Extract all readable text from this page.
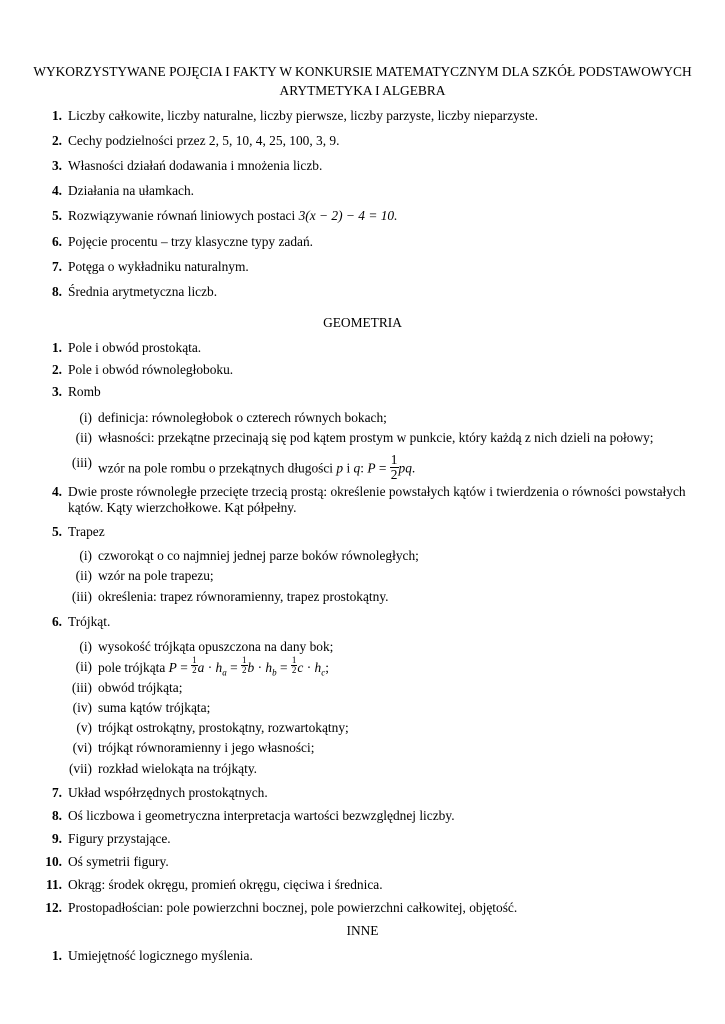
WYKORZYSTYWANE POJĘCIA I FAKTY W KONKURSIE MATEMATYCZNYM DLA SZKÓŁ PODSTAWOWYCH
ARYTMETYKA I ALGEBRA
1. Liczby całkowite, liczby naturalne, liczby pierwsze, liczby parzyste, liczby nieparzyste.
2. Cechy podzielności przez 2, 5, 10, 4, 25, 100, 3, 9.
3. Własności działań dodawania i mnożenia liczb.
4. Działania na ułamkach.
5. Rozwiązywanie równań liniowych postaci 3(x − 2) − 4 = 10.
6. Pojęcie procentu – trzy klasyczne typy zadań.
7. Potęga o wykładniku naturalnym.
8. Średnia arytmetyczna liczb.
GEOMETRIA
1. Pole i obwód prostokąta.
2. Pole i obwód równoległoboku.
3. Romb
(i) definicja: równoległobok o czterech równych bokach;
(ii) własności: przekątne przecinają się pod kątem prostym w punkcie, który każdą z nich dzieli na połowy;
(iii) wzór na pole rombu o przekątnych długości p i q: $P = \frac{1}{2}$ pq.
4. Dwie proste równoległe przecięte trzecią prostą: określenie powstałych kątów i twierdzenia o równości powstałych
kątów. Kąty wierzchołkowe. Kąt półpełny.
5. Trapez
(i) czworokąt o co najmniej jednej parze boków równoległych;
(ii) wzór na pole trapezu;
(iii) określenia: trapez równoramienny, trapez prostokątny.
6. Trójkąt.
(i) wysokość trójkąta opuszczona na dany bok;
(ii) pole trójkąta $P = \frac{1}{2}$ $a \cdot h_a = \frac{1}{2}$ $b \cdot h_b = \frac{1}{2}$ $c \cdot h_c$;
(iii) obwód trójkąta;
(iv) suma kątów trójkąta;
(v) trójkąt ostrokątny, prostokątny, rozwartokątny;
(vi) trójkąt równoramienny i jego własności;
(vii) rozkład wielokąta na trójkąty.
7. Układ współrzędnych prostokątnych.
8. Oś liczbowa i geometryczna interpretacja wartości bezwzględnej liczby.
9. Figury przystające.
10. Oś symetrii figury.
11. Okrąg: środek okręgu, promień okręgu, cięciwa i średnica.
12. Prostopadłościan: pole powierzchni bocznej, pole powierzchni całkowitej, objętość.
INNE
1. Umiejętność logicznego myślenia.
